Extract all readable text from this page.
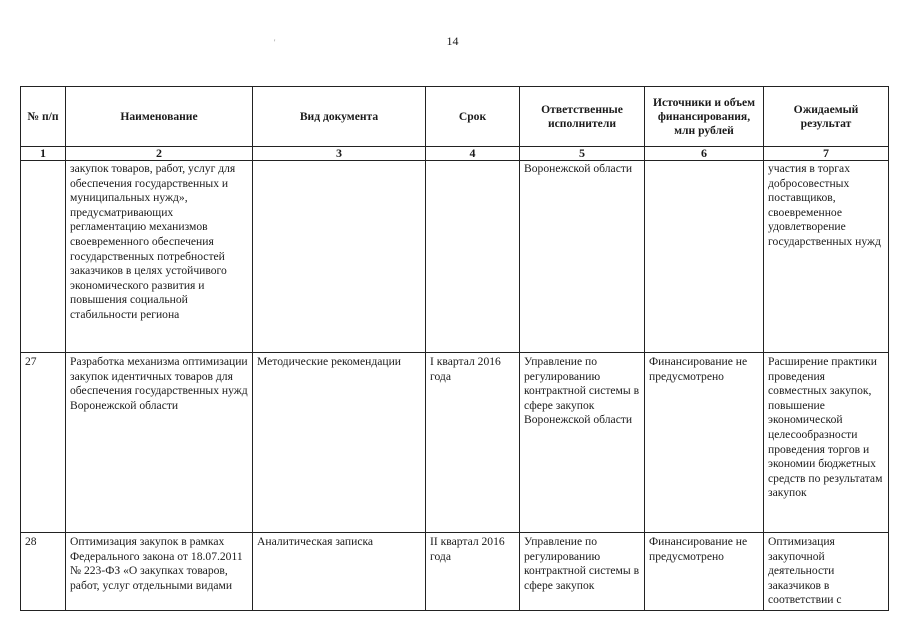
14
'
№ п/п	Наименование	Вид документа	Срок	Ответственные исполнители	Источники и объем финансирования, млн рублей	Ожидаемый результат
1	2	3	4	5	6	7
	закупок товаров, работ, услуг для обеспечения государственных и муниципальных нужд», предусматривающих регламентацию механизмов своевременного обеспечения государственных потребностей заказчиков в целях устойчивого экономического развития и повышения социальной стабильности региона			Воронежской области		участия в торгах добросовестных поставщиков, своевременное удовлетворение государственных нужд
27	Разработка механизма оптимизации закупок идентичных товаров для обеспечения государственных нужд Воронежской области	Методические рекомендации	I квартал 2016 года	Управление по регулированию контрактной системы в сфере закупок Воронежской области	Финансирование не предусмотрено	Расширение практики проведения совместных закупок, повышение экономической целесообразности проведения торгов и экономии бюджетных средств по результатам закупок
28	Оптимизация закупок в рамках Федерального закона от 18.07.2011 № 223-ФЗ «О закупках товаров, работ, услуг отдельными видами	Аналитическая записка	II квартал 2016 года	Управление по регулированию контрактной системы в сфере закупок	Финансирование не предусмотрено	Оптимизация закупочной деятельности заказчиков в соответствии с
